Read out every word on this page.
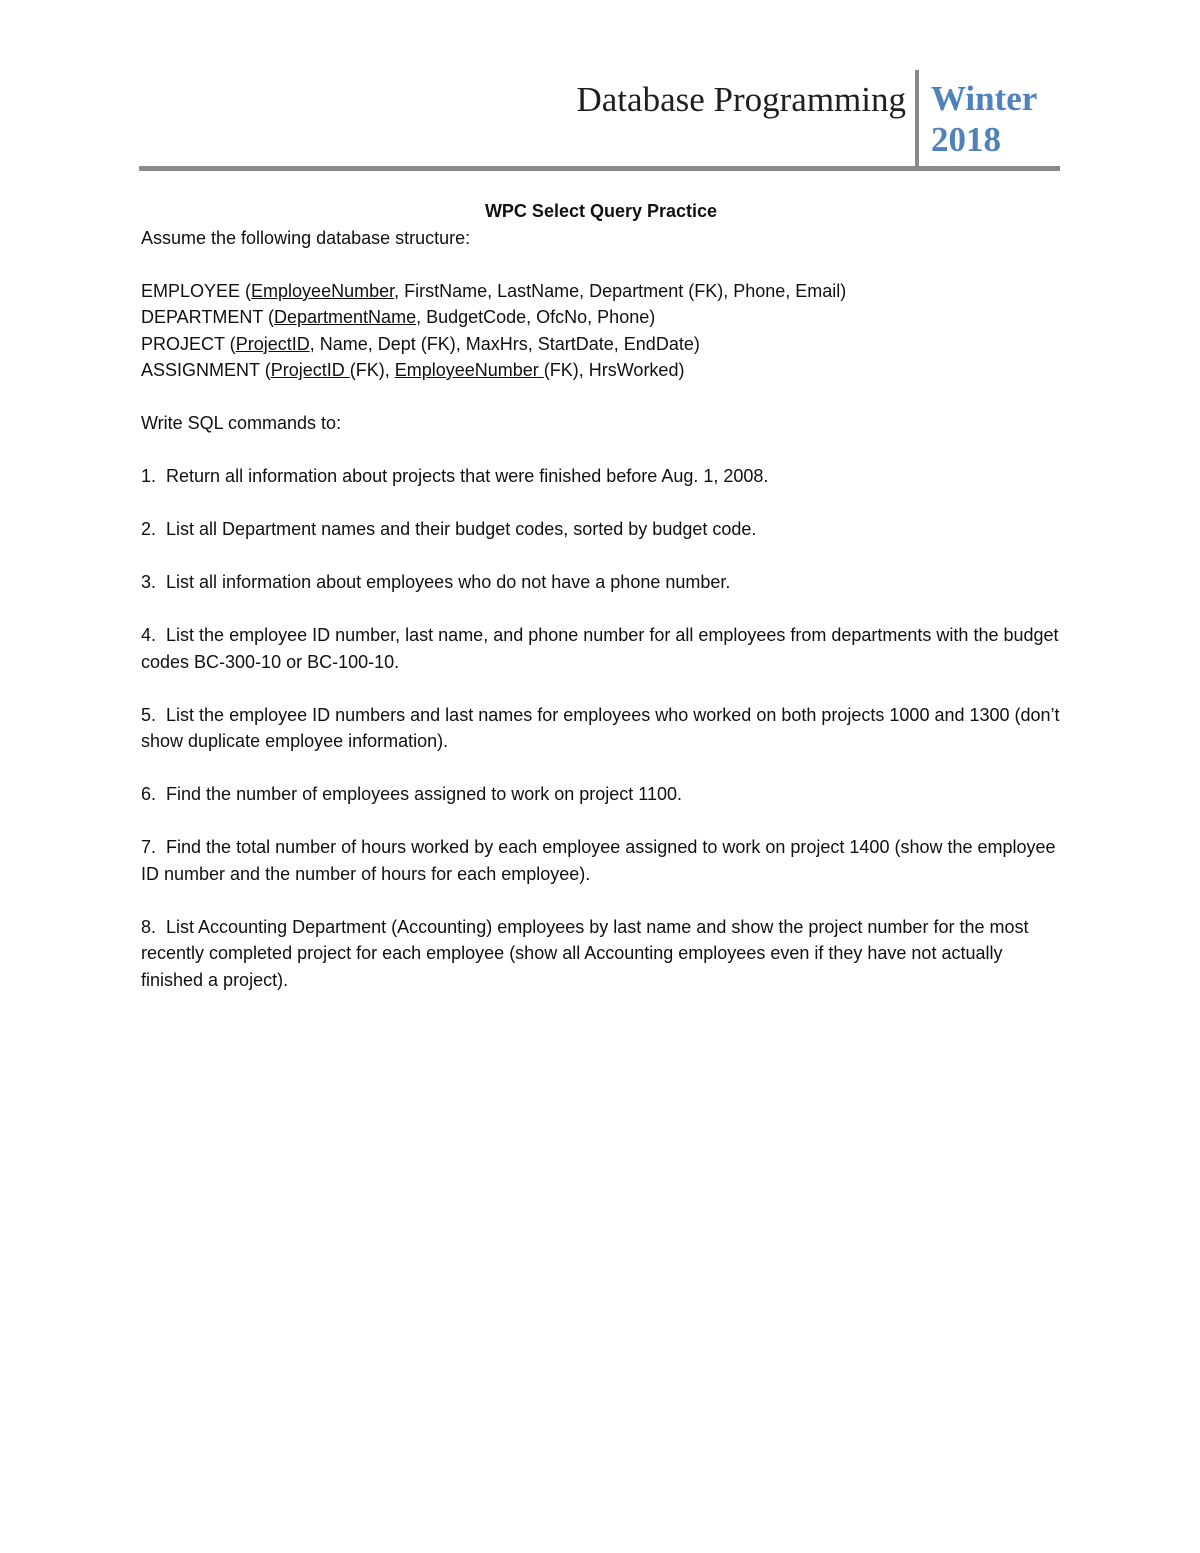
Database Programming Winter
2018

WPC Select Query Practice

Assume the following database structure:

EMPLOYEE (EmployeeNumber, FirstName, LastName, Department (FK), Phone, Email)

DEPARTMENT (DepartmentName, BudgetCode, OfcNo, Phone)

PROJECT (ProjectID, Name, Dept (FK), MaxHrs, StartDate, EndDate)

ASSIGNMENT (ProjectID (FK), EmployeeNumber (FK), HrsWorked)

Write SQL commands to:

1. Return all information about projects that were finished before Aug. 1, 2008.

2. List all Department names and their budget codes, sorted by budget code.

3. List all information about employees who do not have a phone number.

4. List the employee ID number, last name, and phone number for all employees from departments with the budget codes BC-300-10 or BC-100-10.

5. List the employee ID numbers and last names for employees who worked on both projects 1000 and 1300 (don’t show duplicate employee information).

6. Find the number of employees assigned to work on project 1100.

7. Find the total number of hours worked by each employee assigned to work on project 1400 (show the employee ID number and the number of hours for each employee).

8. List Accounting Department (Accounting) employees by last name and show the project number for the most recently completed project for each employee (show all Accounting employees even if they have not actually finished a project).
